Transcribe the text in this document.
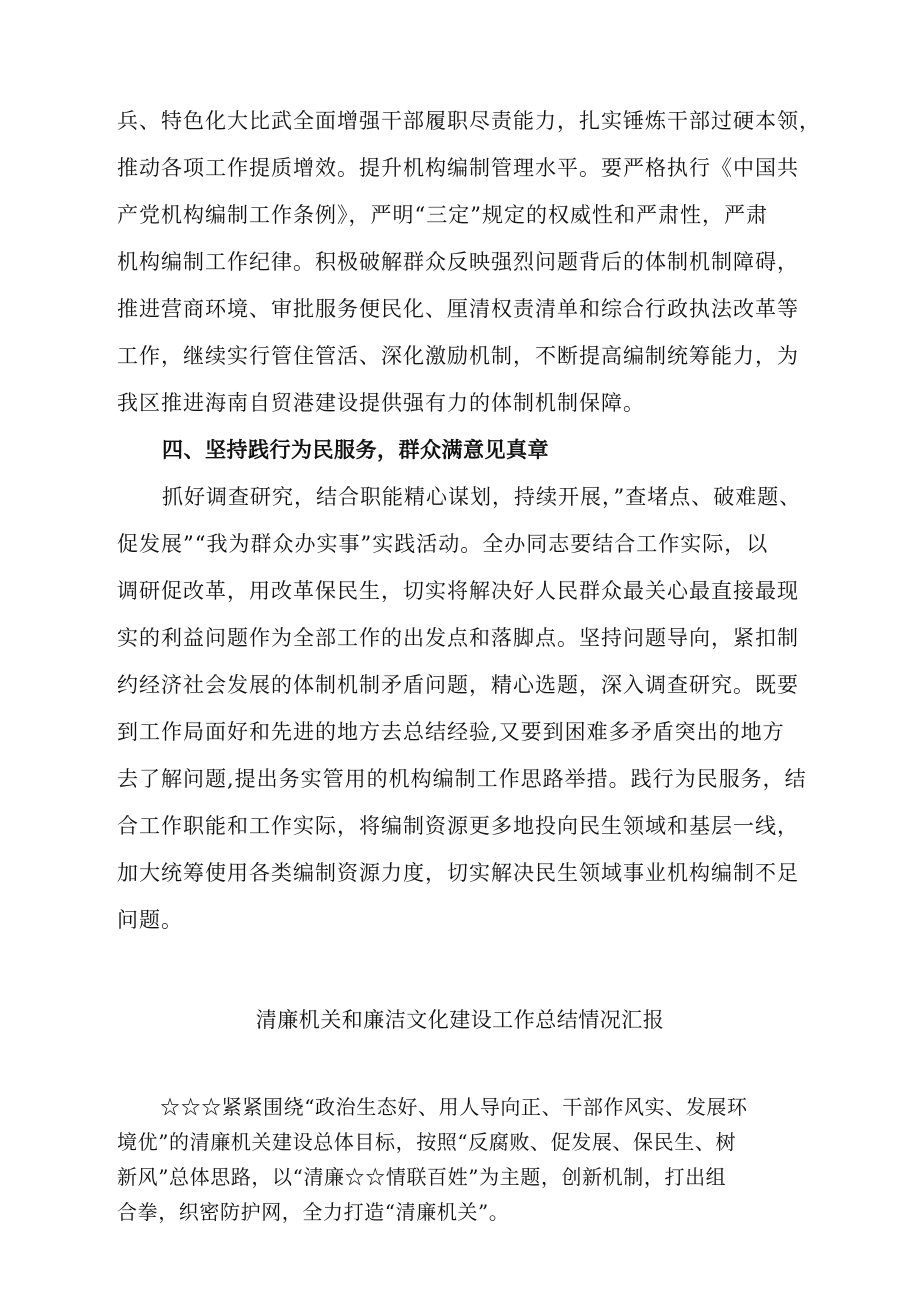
兵、特色化大比武全面增强干部履职尽责能力，扎实锤炼干部过硬本领，
推动各项工作提质增效。提升机构编制管理水平。要严格执行《中国共
产党机构编制工作条例》，严明“三定”规定的权威性和严肃性，严肃
机构编制工作纪律。积极破解群众反映强烈问题背后的体制机制障碍，
推进营商环境、审批服务便民化、厘清权责清单和综合行政执法改革等
工作，继续实行管住管活、深化激励机制，不断提高编制统筹能力，为
我区推进海南自贸港建设提供强有力的体制机制保障。
四、坚持践行为民服务，群众满意见真章
抓好调查研究，结合职能精心谋划，持续开展，”查堵点、破难题、
促发展”“我为群众办实事”实践活动。全办同志要结合工作实际，以
调研促改革，用改革保民生，切实将解决好人民群众最关心最直接最现
实的利益问题作为全部工作的出发点和落脚点。坚持问题导向，紧扣制
约经济社会发展的体制机制矛盾问题，精心选题，深入调查研究。既要
到工作局面好和先进的地方去总结经验,又要到困难多矛盾突出的地方
去了解问题,提出务实管用的机构编制工作思路举措。践行为民服务，结
合工作职能和工作实际，将编制资源更多地投向民生领域和基层一线，
加大统筹使用各类编制资源力度，切实解决民生领域事业机构编制不足
问题。
清廉机关和廉洁文化建设工作总结情况汇报
☆☆☆紧紧围绕“政治生态好、用人导向正、干部作风实、发展环
境优”的清廉机关建设总体目标，按照“反腐败、促发展、保民生、树
新风”总体思路，以“清廉☆☆情联百姓”为主题，创新机制，打出组
合拳，织密防护网，全力打造“清廉机关”。
